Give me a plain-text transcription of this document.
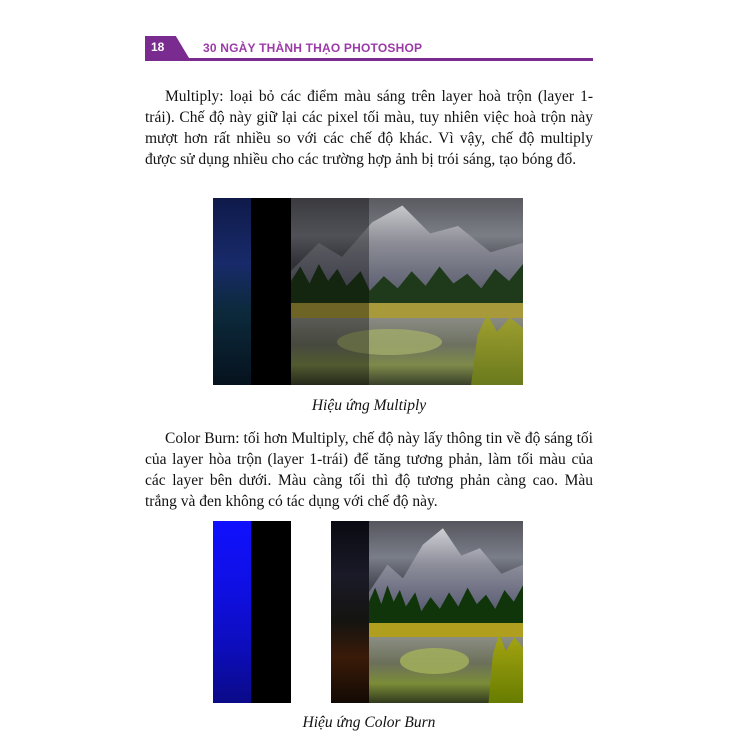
18	30 NGÀY THÀNH THẠO PHOTOSHOP

Multiply: loại bỏ các điểm màu sáng trên layer hoà trộn (layer 1-trái). Chế độ này giữ lại các pixel tối màu, tuy nhiên việc hoà trộn này mượt hơn rất nhiều so với các chế độ khác. Vì vậy, chế độ multiply được sử dụng nhiều cho các trường hợp ảnh bị trói sáng, tạo bóng đổ.

Hiệu ứng Multiply

Color Burn: tối hơn Multiply, chế độ này lấy thông tin về độ sáng tối của layer hòa trộn (layer 1-trái) để tăng tương phản, làm tối màu của các layer bên dưới. Màu càng tối thì độ tương phản càng cao. Màu trắng và đen không có tác dụng với chế độ này.

Hiệu ứng Color Burn
